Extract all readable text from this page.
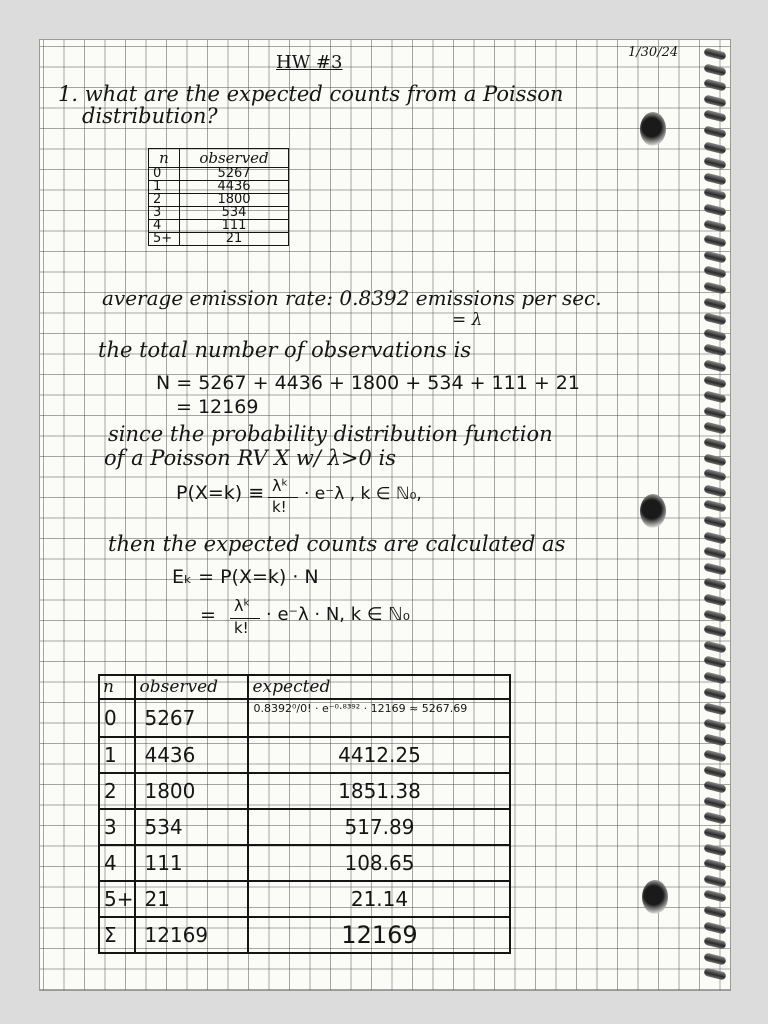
1/30/24
HW #3
1. what are the expected counts from a Poisson
distribution?
n	observed
0	5267
1	4436
2	1800
3	534
4	111
5+	21
average emission rate: 0.8392 emissions per sec.
= λ
the total number of observations is
N = 5267 + 4436 + 1800 + 534 + 111 + 21
= 12169
since the probability distribution function
of a Poisson RV X w/ λ>0 is
P(X=k) ≡ λᵏ
k!
· e⁻λ , k ∈ ℕ₀,
then the expected counts are calculated as
Eₖ = P(X=k) · N
= λᵏ
k!
· e⁻λ · N, k ∈ ℕ₀
n	observed	expected
0	5267	0.8392⁰/0! · e⁻⁰·⁸³⁹² · 12169 ≈ 5267.69
1	4436	4412.25
2	1800	1851.38
3	534	517.89
4	111	108.65
5+	21	21.14
Σ	12169	12169
